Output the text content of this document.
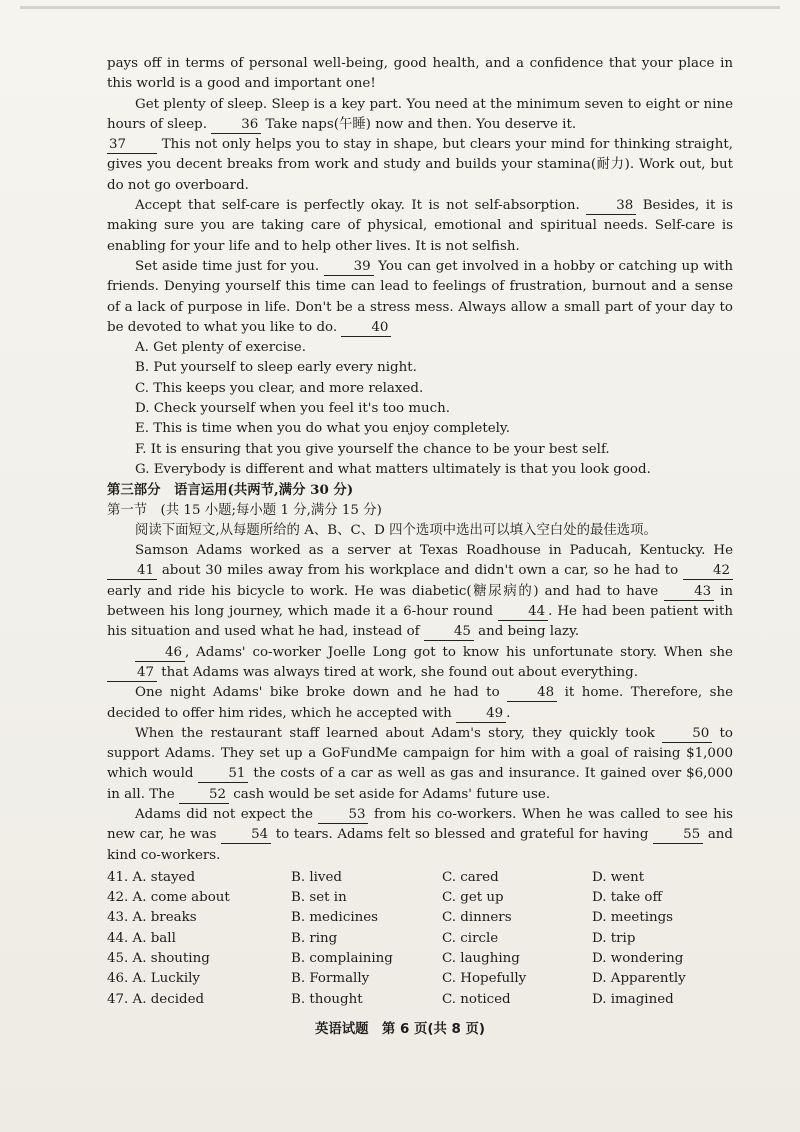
pays off in terms of personal well-being, good health, and a confidence that your place in this world is a good and important one!

Get plenty of sleep. Sleep is a key part. You need at the minimum seven to eight or nine hours of sleep.	36 Take naps(午睡) now and then. You deserve it.

37	This not only helps you to stay in shape, but clears your mind for thinking straight, gives you decent breaks from work and study and builds your stamina(耐力). Work out, but do not go overboard.

Accept that self-care is perfectly okay. It is not self-absorption.	38 Besides, it is making sure you are taking care of physical, emotional and spiritual needs. Self-care is enabling for your life and to help other lives. It is not selfish.

Set aside time just for you.	39 You can get involved in a hobby or catching up with friends. Denying yourself this time can lead to feelings of frustration, burnout and a sense of a lack of purpose in life. Don't be a stress mess. Always allow a small part of your day to be devoted to what you like to do.	40

A. Get plenty of exercise.

B. Put yourself to sleep early every night.

C. This keeps you clear, and more relaxed.

D. Check yourself when you feel it's too much.

E. This is time when you do what you enjoy completely.

F. It is ensuring that you give yourself the chance to be your best self.

G. Everybody is different and what matters ultimately is that you look good.

第三部分　语言运用(共两节,满分 30 分)

第一节　(共 15 小题;每小题 1 分,满分 15 分)

阅读下面短文,从每题所给的 A、B、C、D 四个选项中选出可以填入空白处的最佳选项。

Samson Adams worked as a server at Texas Roadhouse in Paducah, Kentucky. He 41 about 30 miles away from his workplace and didn't own a car, so he had to	42 early and ride his bicycle to work. He was diabetic(糖尿病的) and had to have	43 in between his long journey, which made it a 6-hour round	44 . He had been patient with his situation and used what he had, instead of	45 and being lazy.

46 , Adams' co-worker Joelle Long got to know his unfortunate story. When she 47 that Adams was always tired at work, she found out about everything.

One night Adams' bike broke down and he had to	48 it home. Therefore, she decided to offer him rides, which he accepted with	49 .

When the restaurant staff learned about Adam's story, they quickly took	50 to support Adams. They set up a GoFundMe campaign for him with a goal of raising $1,000 which would	51 the costs of a car as well as gas and insurance. It gained over $6,000 in all. The	52 cash would be set aside for Adams' future use.

Adams did not expect the	53 from his co-workers. When he was called to see his new car, he was	54 to tears. Adams felt so blessed and grateful for having	55 and kind co-workers.

41. A. stayed	B. lived	C. cared	D. went
42. A. come about	B. set in	C. get up	D. take off
43. A. breaks	B. medicines	C. dinners	D. meetings
44. A. ball	B. ring	C. circle	D. trip
45. A. shouting	B. complaining	C. laughing	D. wondering
46. A. Luckily	B. Formally	C. Hopefully	D. Apparently
47. A. decided	B. thought	C. noticed	D. imagined
英语试题　第 6 页(共 8 页)
